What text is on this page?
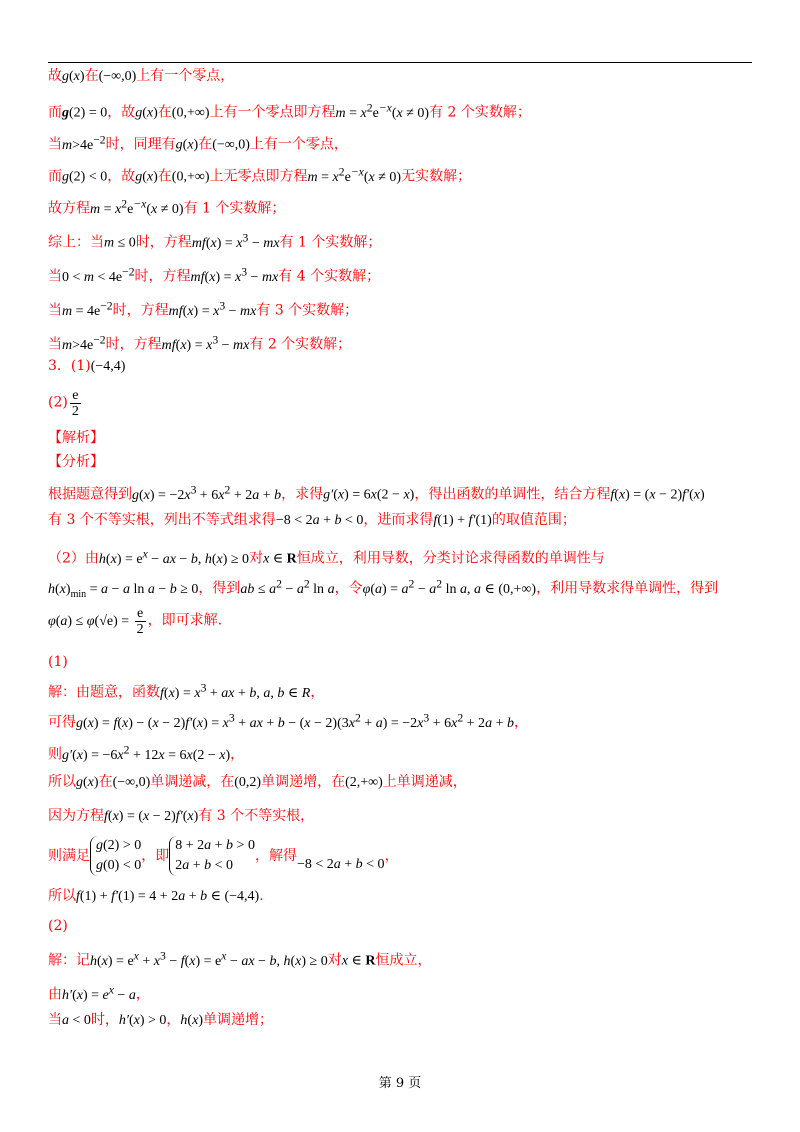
故g(x)在(−∞,0)上有一个零点，
而g(2) = 0，故g(x)在(0,+∞)上有一个零点即方程$m = x^2e^{-x}(x \ne 0)$有 2 个实数解；
当$m>4e^{-2}$时，同理有g(x)在(−∞,0)上有一个零点，
而g(2) < 0，故g(x)在(0,+∞)上无零点即方程$m = x^2e^{-x}(x \ne 0)$无实数解；
故方程$m = x^2e^{-x}(x \ne 0)$有 1 个实数解；
综上：当m ≤ 0时，方程$mf(x) = x^3$ − mx有 1 个实数解；
当$0 < m < 4e^{-2}$时，方程$mf(x) = x^3$ − mx有 4 个实数解；
当$m = 4e^{-2}$时，方程$mf(x) = x^3$ − mx有 3 个实数解；
当$m>4e^{-2}$时，方程$mf(x) = x^3$ − mx有 2 个实数解；
3．(1)(−4,4)
$(2) \frac{e}{2}$
【解析】
【分析】
根据题意得到$g(x) = -2x^3 + 6x^2 + 2a + b$，求得g′(x) = 6x(2 − x)，得出函数的单调性，结合方程f(x) = (x − 2)f′(x)
有 3 个不等实根，列出不等式组求得−8 < 2a + b < 0，进而求得f(1) + f′(1)的取值范围；
（2）由$h(x) = e^x$ − ax − b, h(x) ≥ 0对x ∈ R恒成立，利用导数，分类讨论求得函数的单调性与
$h(x)_{min} = a - a$ ln a − b ≥ 0，得到ab ≤ $a^2 - a^2$ ln a，令$\varphi(a) = a^2 - a^2$ ln a, a ∈ (0,+∞)，利用导数求得单调性，得到
$\varphi(a) \le \varphi(√e) = \frac{e}{2}$ ，即可求解.
(1)
解：由题意，函数$f(x) = x^3$ + ax + b, a, b ∈ R，
可得$g(x) = f(x) - (x - 2)f'(x) = x^3$ + ax + $b - (x - 2)(3x^2 + a) = -2x^3 + 6x^2 + 2a + b$，
则$g'(x) = -6x^2 + 12x = 6x(2 - x)$，
所以g(x)在(−∞,0)单调递减，在(0,2)单调递增，在(2,+∞)上单调递减，
因为方程f(x) = (x − 2)f′(x)有 3 个不等实根，
则满足
g(2) > 0
g(0) < 0
，即
8 + 2a + b > 0
2a + b < 0
，解得−8 < 2a + b < 0，
所以f(1) + f′(1) = 4 + 2a + b ∈ (−4,4).
(2)
解：记$h(x) = e^x + x^3 - f(x) = e^x$ − ax − b, h(x) ≥ 0对x ∈ R恒成立，
由$h'(x) = e^x - a$，
当a < 0时，h′(x) > 0，h(x)单调递增；
第 9 页
